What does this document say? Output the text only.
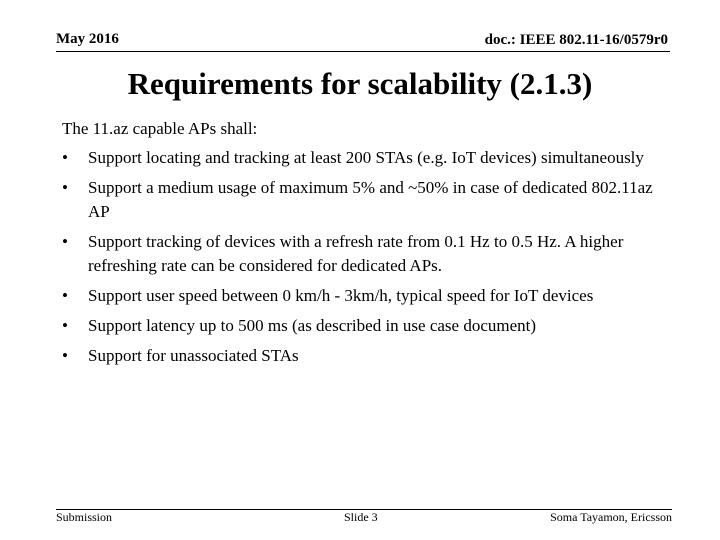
May 2016	doc.: IEEE 802.11-16/0579r0
Requirements for scalability (2.1.3)
The 11.az capable APs shall:
•	Support locating and tracking at least 200 STAs (e.g. IoT devices) simultaneously
•	Support a medium usage of maximum 5% and ~50% in case of dedicated 802.11az AP
•	Support tracking of devices with a refresh rate from 0.1 Hz to 0.5 Hz. A higher refreshing rate can be considered for dedicated APs.
•	Support user speed between 0 km/h - 3km/h, typical speed for IoT devices
•	Support latency up to 500 ms (as described in use case document)
•	Support for unassociated STAs
Submission	Slide 3	Soma Tayamon, Ericsson
